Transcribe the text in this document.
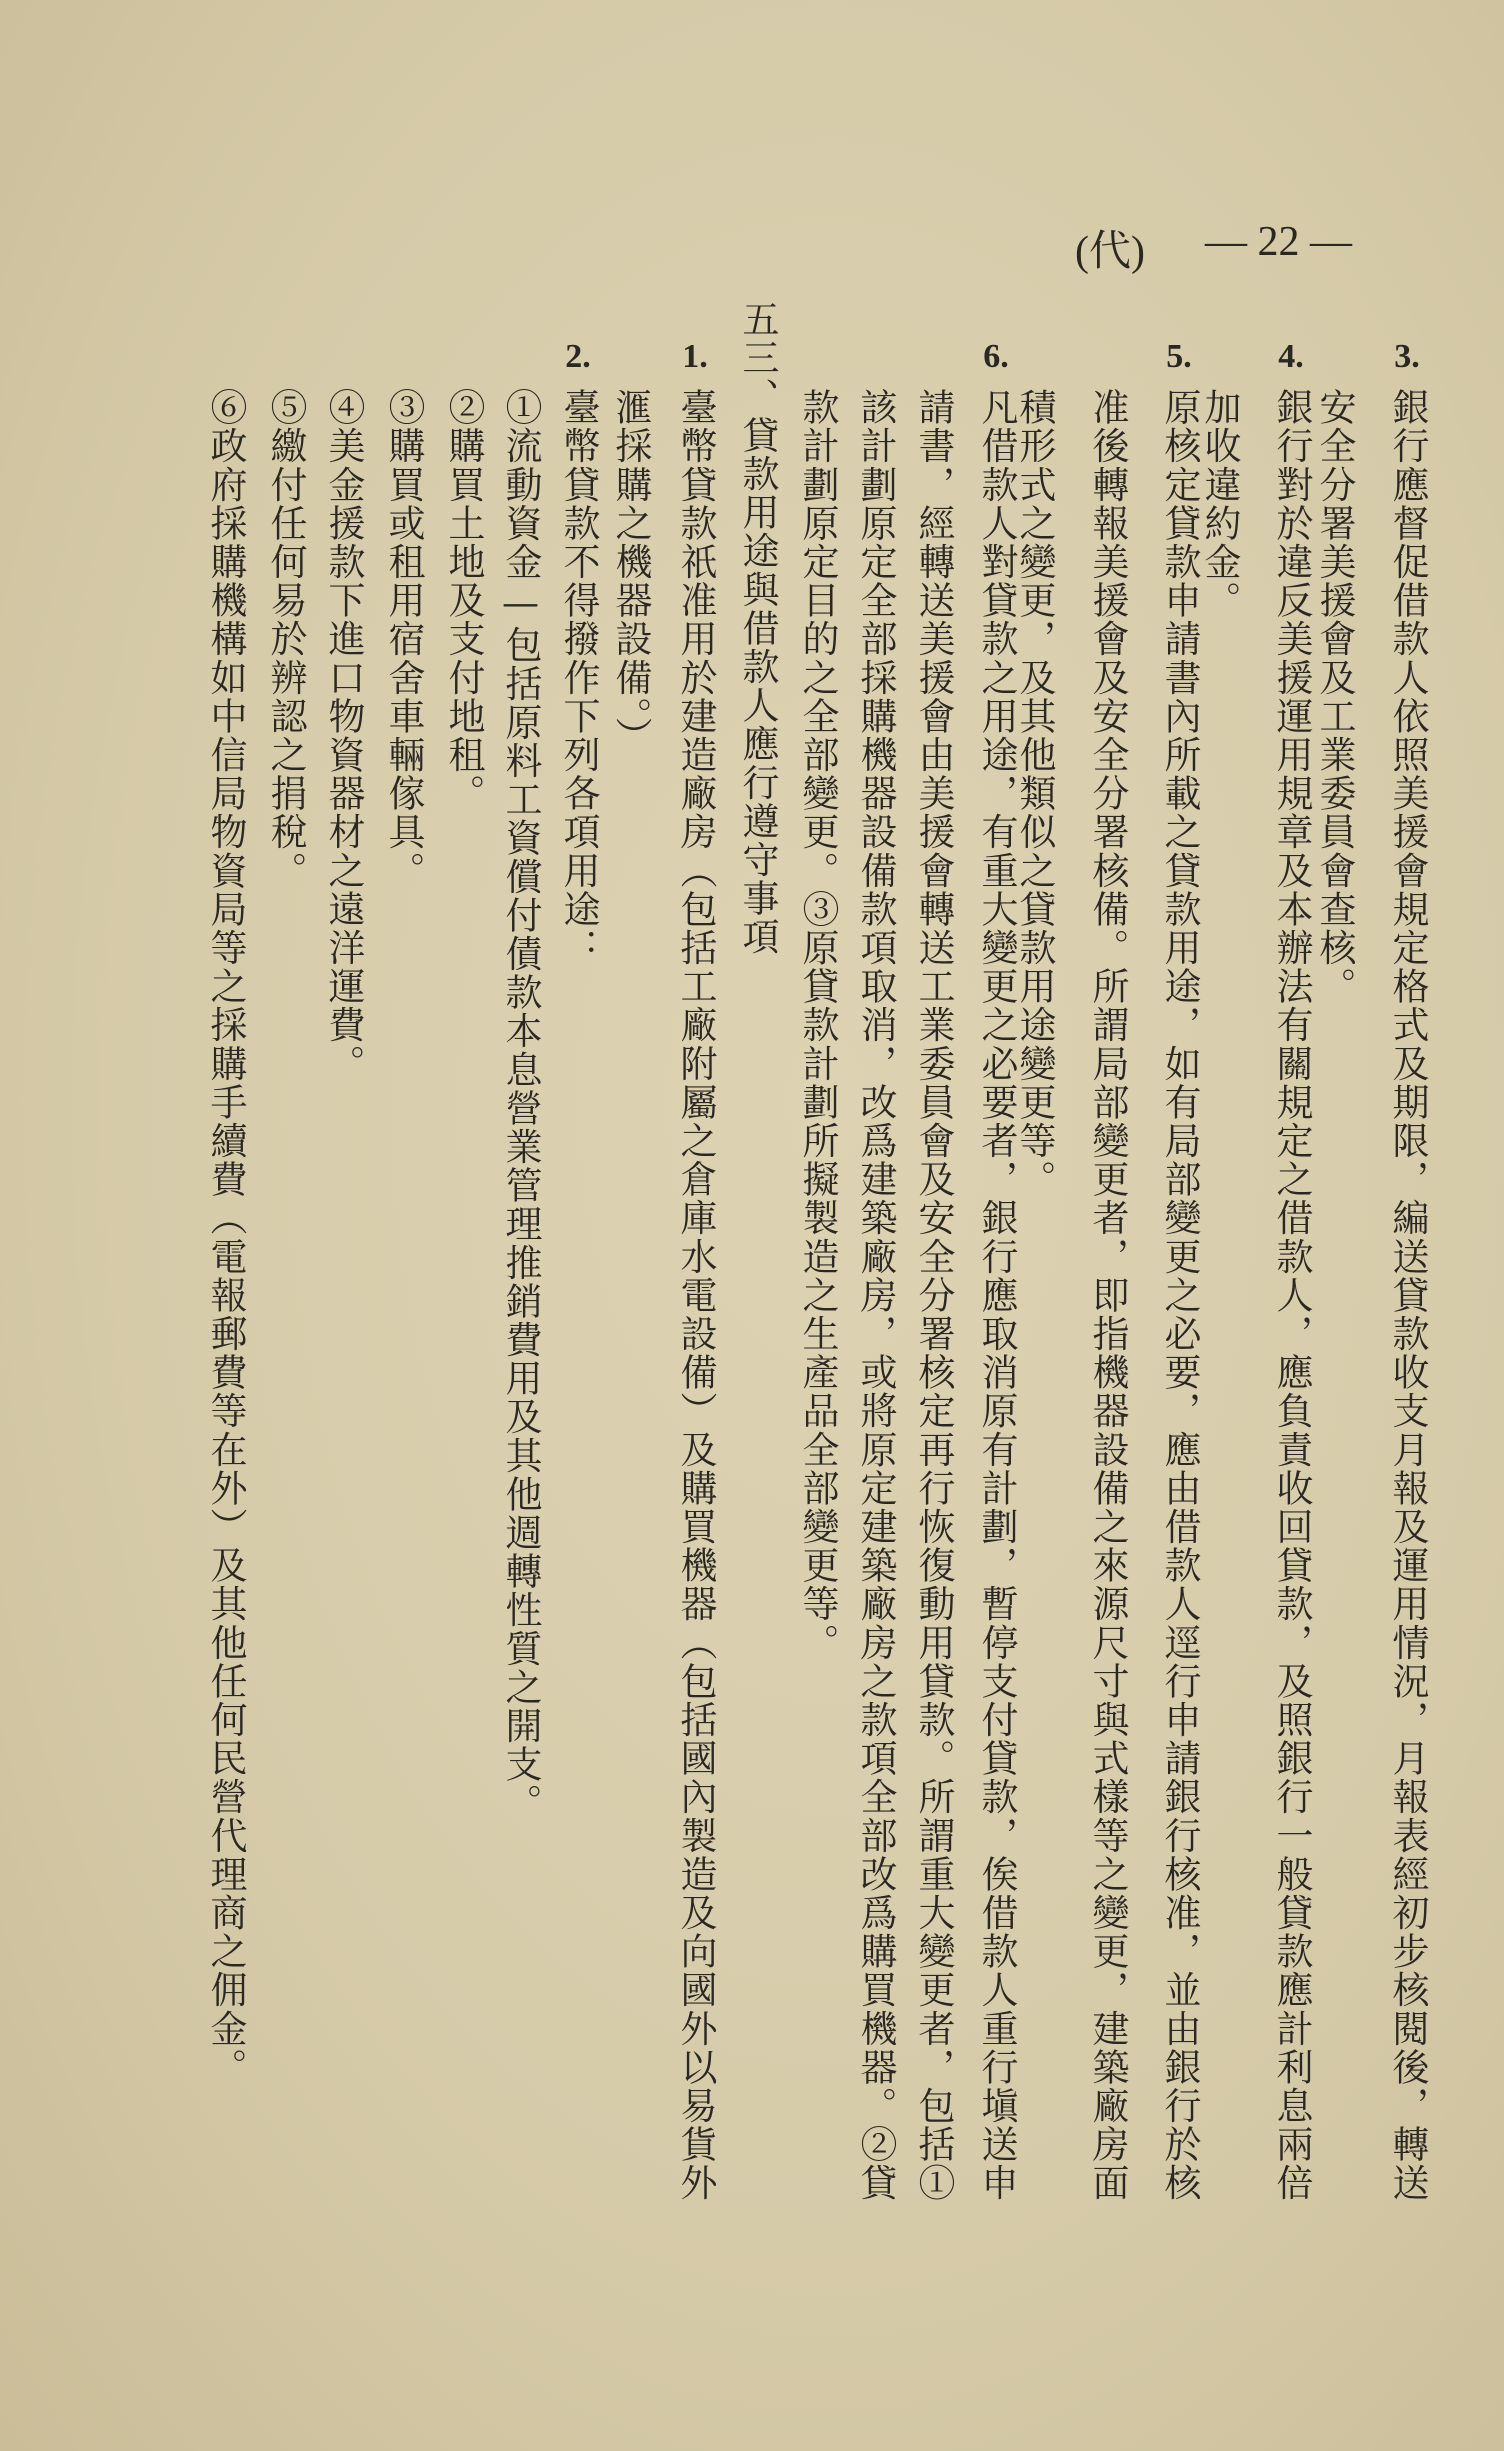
(代) — 22 —
3.
銀行應督促借款人依照美援會規定格式及期限，編送貸款收支月報及運用情況，月報表經初步核閱後，轉送
安全分署美援會及工業委員會查核。
4.
銀行對於違反美援運用規章及本辦法有關規定之借款人，應負責收回貸款，及照銀行一般貸款應計利息兩倍
加收違約金。
5.
原核定貸款申請書內所載之貸款用途，如有局部變更之必要，應由借款人逕行申請銀行核准，並由銀行於核
准後轉報美援會及安全分署核備。所謂局部變更者，即指機器設備之來源尺寸與式樣等之變更，建築廠房面
積形式之變更，及其他類似之貸款用途變更等。
6.
凡借款人對貸款之用途，有重大變更之必要者，銀行應取消原有計劃，暫停支付貸款，俟借款人重行塡送申
請書，經轉送美援會由美援會轉送工業委員會及安全分署核定再行恢復動用貸款。所謂重大變更者，包括①
該計劃原定全部採購機器設備款項取消，改爲建築廠房，或將原定建築廠房之款項全部改爲購買機器。②貸
款計劃原定目的之全部變更。③原貸款計劃所擬製造之生產品全部變更等。
五三、貸款用途與借款人應行遵守事項
1.
臺幣貸款祇准用於建造廠房（包括工廠附屬之倉庫水電設備）及購買機器（包括國內製造及向國外以易貨外
滙採購之機器設備。）
2.
臺幣貸款不得撥作下列各項用途：
①流動資金—包括原料工資償付債款本息營業管理推銷費用及其他週轉性質之開支。
②購買土地及支付地租。
③購買或租用宿舍車輛傢具。
④美金援款下進口物資器材之遠洋運費。
⑤繳付任何易於辨認之捐稅。
⑥政府採購機構如中信局物資局等之採購手續費（電報郵費等在外）及其他任何民營代理商之佣金。
